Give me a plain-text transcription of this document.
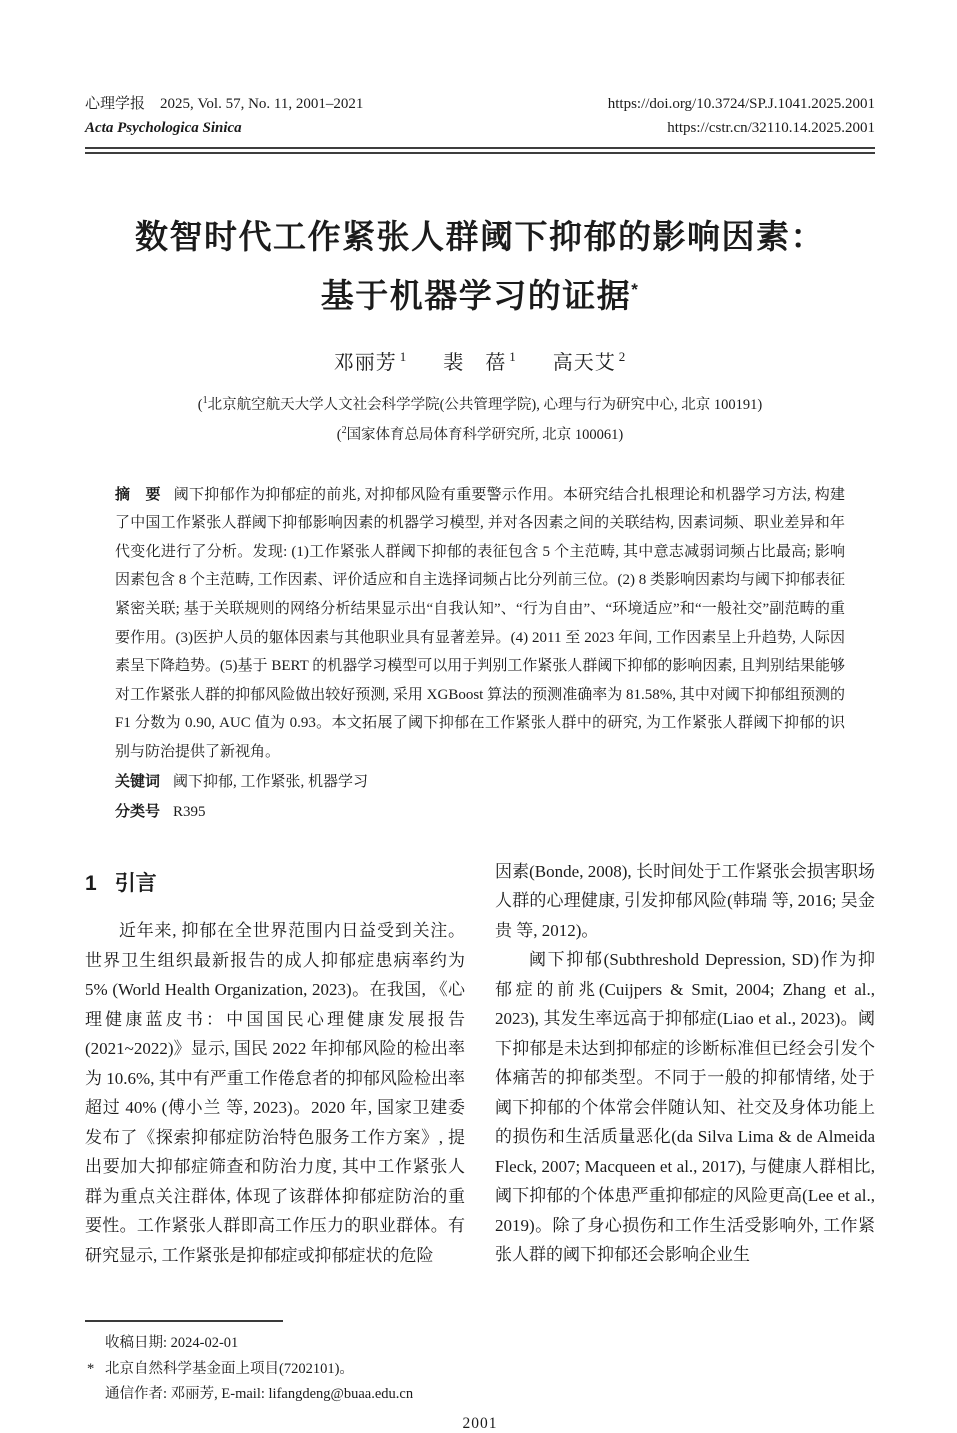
心理学报　2025, Vol. 57, No. 11, 2001–2021
Acta Psychologica Sinica
https://doi.org/10.3724/SP.J.1041.2025.2001
https://cstr.cn/32110.14.2025.2001
数智时代工作紧张人群阈下抑郁的影响因素：
基于机器学习的证据*
邓丽芳 $^1$ 裴　蓓 $^1$ 高天艾 $^2$
($^1$北京航空航天大学人文社会科学学院(公共管理学院), 心理与行为研究中心, 北京 100191)
($^2$国家体育总局体育科学研究所, 北京 100061)
摘　要 阈下抑郁作为抑郁症的前兆, 对抑郁风险有重要警示作用。本研究结合扎根理论和机器学习方法, 构建了中国工作紧张人群阈下抑郁影响因素的机器学习模型, 并对各因素之间的关联结构, 因素词频、职业差异和年代变化进行了分析。发现: (1)工作紧张人群阈下抑郁的表征包含 5 个主范畴, 其中意志减弱词频占比最高; 影响因素包含 8 个主范畴, 工作因素、评价适应和自主选择词频占比分列前三位。(2) 8 类影响因素均与阈下抑郁表征紧密关联; 基于关联规则的网络分析结果显示出“自我认知”、“行为自由”、“环境适应”和“一般社交”副范畴的重要作用。(3)医护人员的躯体因素与其他职业具有显著差异。(4) 2011 至 2023 年间, 工作因素呈上升趋势, 人际因素呈下降趋势。(5)基于 BERT 的机器学习模型可以用于判别工作紧张人群阈下抑郁的影响因素, 且判别结果能够对工作紧张人群的抑郁风险做出较好预测, 采用 XGBoost 算法的预测准确率为 81.58%, 其中对阈下抑郁组预测的 F1 分数为 0.90, AUC 值为 0.93。本文拓展了阈下抑郁在工作紧张人群中的研究, 为工作紧张人群阈下抑郁的识别与防治提供了新视角。
关键词 阈下抑郁, 工作紧张, 机器学习
分类号 R395
1 引言

近年来, 抑郁在全世界范围内日益受到关注。世界卫生组织最新报告的成人抑郁症患病率约为 5% (World Health Organization, 2023)。在我国, 《心理健康蓝皮书：中国国民心理健康发展报告(2021~2022)》显示, 国民 2022 年抑郁风险的检出率为 10.6%, 其中有严重工作倦怠者的抑郁风险检出率超过 40% (傅小兰 等, 2023)。2020 年, 国家卫建委发布了《探索抑郁症防治特色服务工作方案》, 提出要加大抑郁症筛查和防治力度, 其中工作紧张人群为重点关注群体, 体现了该群体抑郁症防治的重要性。工作紧张人群即高工作压力的职业群体。有研究显示, 工作紧张是抑郁症或抑郁症状的危险

因素(Bonde, 2008), 长时间处于工作紧张会损害职场人群的心理健康, 引发抑郁风险(韩瑞 等, 2016; 吴金贵 等, 2012)。

阈下抑郁(Subthreshold Depression, SD)作为抑郁症的前兆(Cuijpers & Smit, 2004; Zhang et al., 2023), 其发生率远高于抑郁症(Liao et al., 2023)。阈下抑郁是未达到抑郁症的诊断标准但已经会引发个体痛苦的抑郁类型。不同于一般的抑郁情绪, 处于阈下抑郁的个体常会伴随认知、社交及身体功能上的损伤和生活质量恶化(da Silva Lima & de Almeida Fleck, 2007; Macqueen et al., 2017), 与健康人群相比, 阈下抑郁的个体患严重抑郁症的风险更高(Lee et al., 2019)。除了身心损伤和工作生活受影响外, 工作紧张人群的阈下抑郁还会影响企业生

收稿日期: 2024-02-01
* 北京自然科学基金面上项目(7202101)。
通信作者: 邓丽芳, E-mail: lifangdeng@buaa.edu.cn
2001
